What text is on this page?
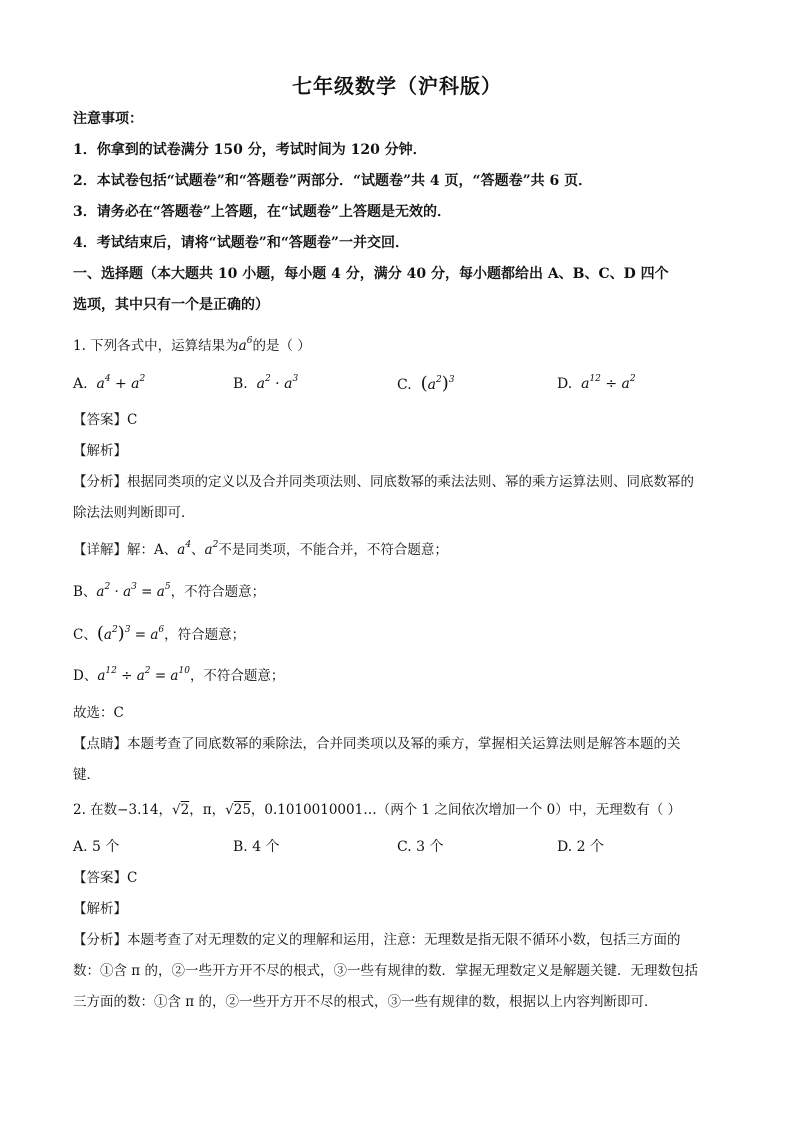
七年级数学（沪科版）
注意事项：
1．你拿到的试卷满分 150 分，考试时间为 120 分钟．
2．本试卷包括“试题卷”和“答题卷”两部分．“试题卷”共 4 页，“答题卷”共 6 页．
3．请务必在“答题卷”上答题，在“试题卷”上答题是无效的．
4．考试结束后，请将“试题卷”和“答题卷”一并交回．
一、选择题（本大题共 10 小题，每小题 4 分，满分 40 分，每小题都给出 A、B、C、D 四个
选项，其中只有一个是正确的）
1. 下列各式中，运算结果为$a^6$的是（ ）
A.  $a^4 + a^2$	B.  $a^2 \cdot a^3$	C. $(a^2)^3$	D.  $a^{12} \div a^2$
【答案】C
【解析】
【分析】根据同类项的定义以及合并同类项法则、同底数幂的乘法法则、幂的乘方运算法则、同底数幂的
除法法则判断即可．
【详解】解：A、$a^4$、$a^2$不是同类项，不能合并，不符合题意；
B、$a^2 \cdot a^3 = a^5$，不符合题意；
C、$(a^2)^3 = a^6$，符合题意；
D、$a^{12} \div a^2 = a^{10}$，不符合题意；
故选：C
【点睛】本题考查了同底数幂的乘除法，合并同类项以及幂的乘方，掌握相关运算法则是解答本题的关
键．
2. 在数−3.14，√2，π，√25，0.1010010001…（两个 1 之间依次增加一个 0）中，无理数有（ ）
A. 5 个	B. 4 个	C. 3 个	D. 2 个
【答案】C
【解析】
【分析】本题考查了对无理数的定义的理解和运用，注意：无理数是指无限不循环小数，包括三方面的
数：①含 π 的，②一些开方开不尽的根式，③一些有规律的数．掌握无理数定义是解题关键．无理数包括
三方面的数：①含 π 的，②一些开方开不尽的根式，③一些有规律的数，根据以上内容判断即可．
